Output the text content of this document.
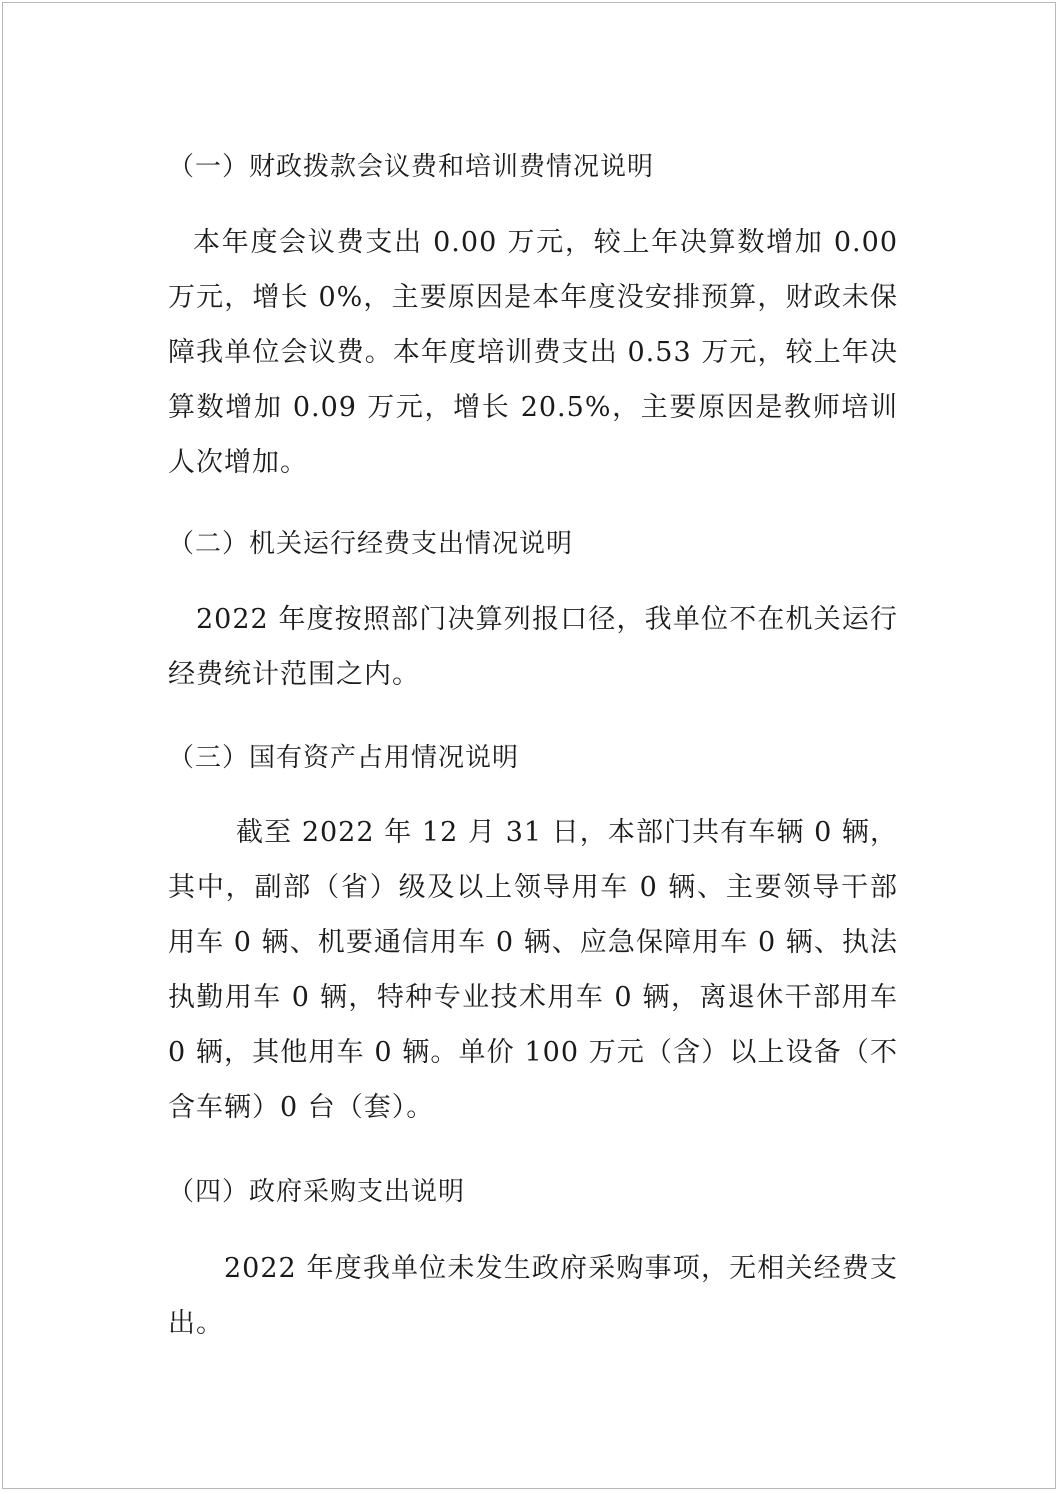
（一）财政拨款会议费和培训费情况说明

本年度会议费支出 0.00 万元，较上年决算数增加 0.00 万元，增长 0%，主要原因是本年度没安排预算，财政未保障我单位会议费。本年度培训费支出 0.53 万元，较上年决算数增加 0.09 万元，增长 20.5%，主要原因是教师培训人次增加。

（二）机关运行经费支出情况说明

2022 年度按照部门决算列报口径，我单位不在机关运行经费统计范围之内。

（三）国有资产占用情况说明

截至 2022 年 12 月 31 日，本部门共有车辆 0 辆，其中，副部（省）级及以上领导用车 0 辆、主要领导干部用车 0 辆、机要通信用车 0 辆、应急保障用车 0 辆、执法执勤用车 0 辆，特种专业技术用车 0 辆，离退休干部用车 0 辆，其他用车 0 辆。单价 100 万元（含）以上设备（不含车辆）0 台（套）。

（四）政府采购支出说明

2022 年度我单位未发生政府采购事项，无相关经费支出。
